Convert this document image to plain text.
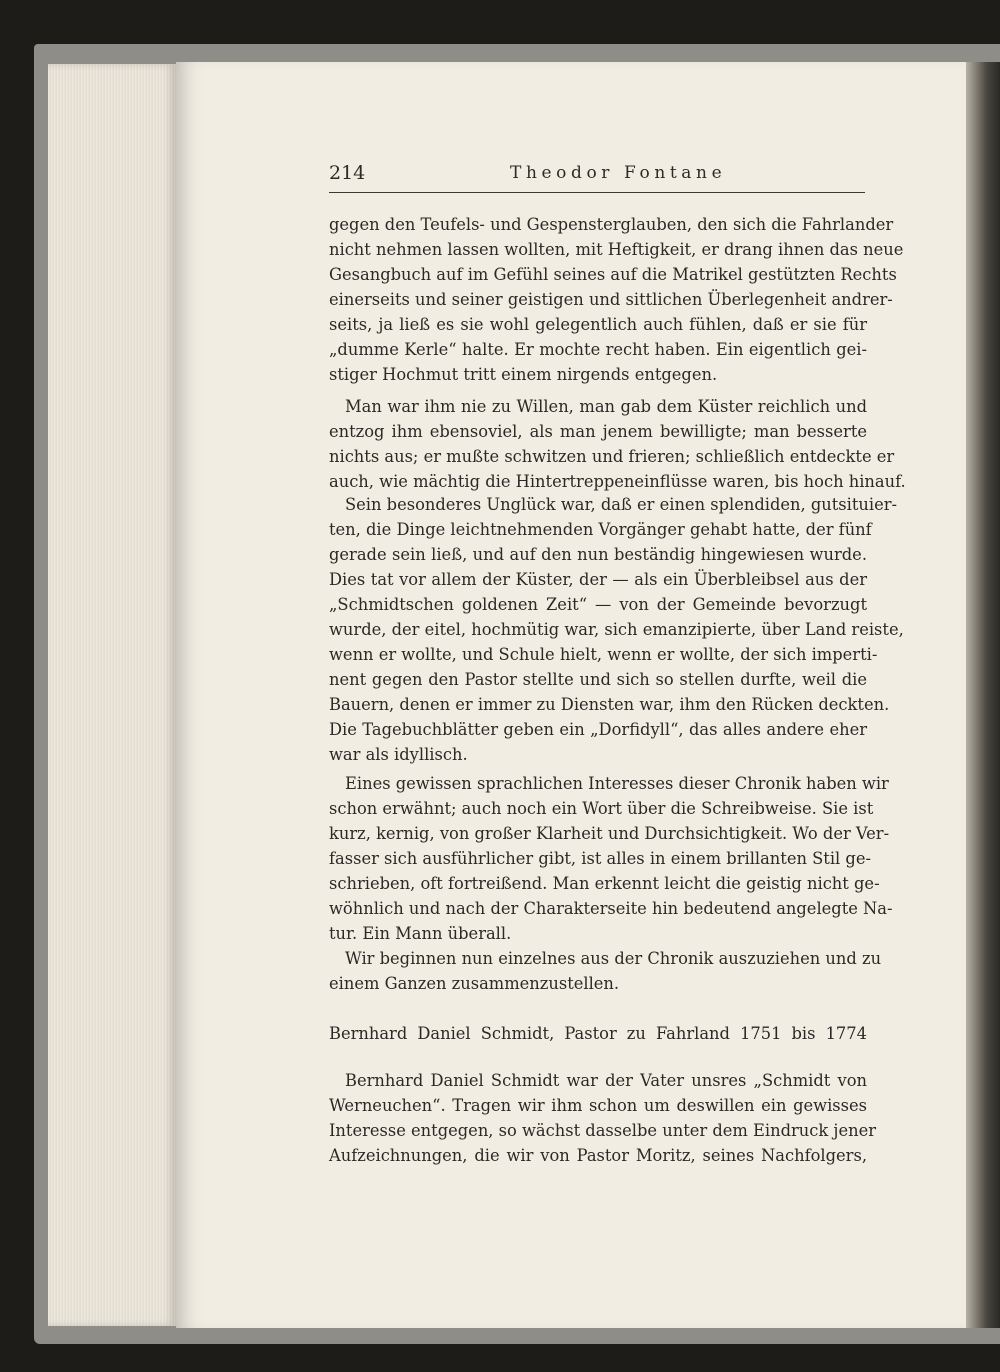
214	Theodor Fontane
gegen den Teufels- und Gespensterglauben, den sich die Fahrlander
nicht nehmen lassen wollten, mit Heftigkeit, er drang ihnen das neue
Gesangbuch auf im Gefühl seines auf die Matrikel gestützten Rechts
einerseits und seiner geistigen und sittlichen Überlegenheit andrer-
seits, ja ließ es sie wohl gelegentlich auch fühlen, daß er sie für
„dumme Kerle“ halte. Er mochte recht haben. Ein eigentlich gei-
stiger Hochmut tritt einem nirgends entgegen.
Man war ihm nie zu Willen, man gab dem Küster reichlich und
entzog ihm ebensoviel, als man jenem bewilligte; man besserte
nichts aus; er mußte schwitzen und frieren; schließlich entdeckte er
auch, wie mächtig die Hintertreppeneinflüsse waren, bis hoch hinauf.
Sein besonderes Unglück war, daß er einen splendiden, gutsituier-
ten, die Dinge leichtnehmenden Vorgänger gehabt hatte, der fünf
gerade sein ließ, und auf den nun beständig hingewiesen wurde.
Dies tat vor allem der Küster, der — als ein Überbleibsel aus der
„Schmidtschen goldenen Zeit“ — von der Gemeinde bevorzugt
wurde, der eitel, hochmütig war, sich emanzipierte, über Land reiste,
wenn er wollte, und Schule hielt, wenn er wollte, der sich imperti-
nent gegen den Pastor stellte und sich so stellen durfte, weil die
Bauern, denen er immer zu Diensten war, ihm den Rücken deckten.
Die Tagebuchblätter geben ein „Dorfidyll“, das alles andere eher
war als idyllisch.
Eines gewissen sprachlichen Interesses dieser Chronik haben wir
schon erwähnt; auch noch ein Wort über die Schreibweise. Sie ist
kurz, kernig, von großer Klarheit und Durchsichtigkeit. Wo der Ver-
fasser sich ausführlicher gibt, ist alles in einem brillanten Stil ge-
schrieben, oft fortreißend. Man erkennt leicht die geistig nicht ge-
wöhnlich und nach der Charakterseite hin bedeutend angelegte Na-
tur. Ein Mann überall.
Wir beginnen nun einzelnes aus der Chronik auszuziehen und zu
einem Ganzen zusammenzustellen.
Bernhard Daniel Schmidt, Pastor zu Fahrland 1751 bis 1774
Bernhard Daniel Schmidt war der Vater unsres „Schmidt von
Werneuchen“. Tragen wir ihm schon um deswillen ein gewisses
Interesse entgegen, so wächst dasselbe unter dem Eindruck jener
Aufzeichnungen, die wir von Pastor Moritz, seines Nachfolgers,
